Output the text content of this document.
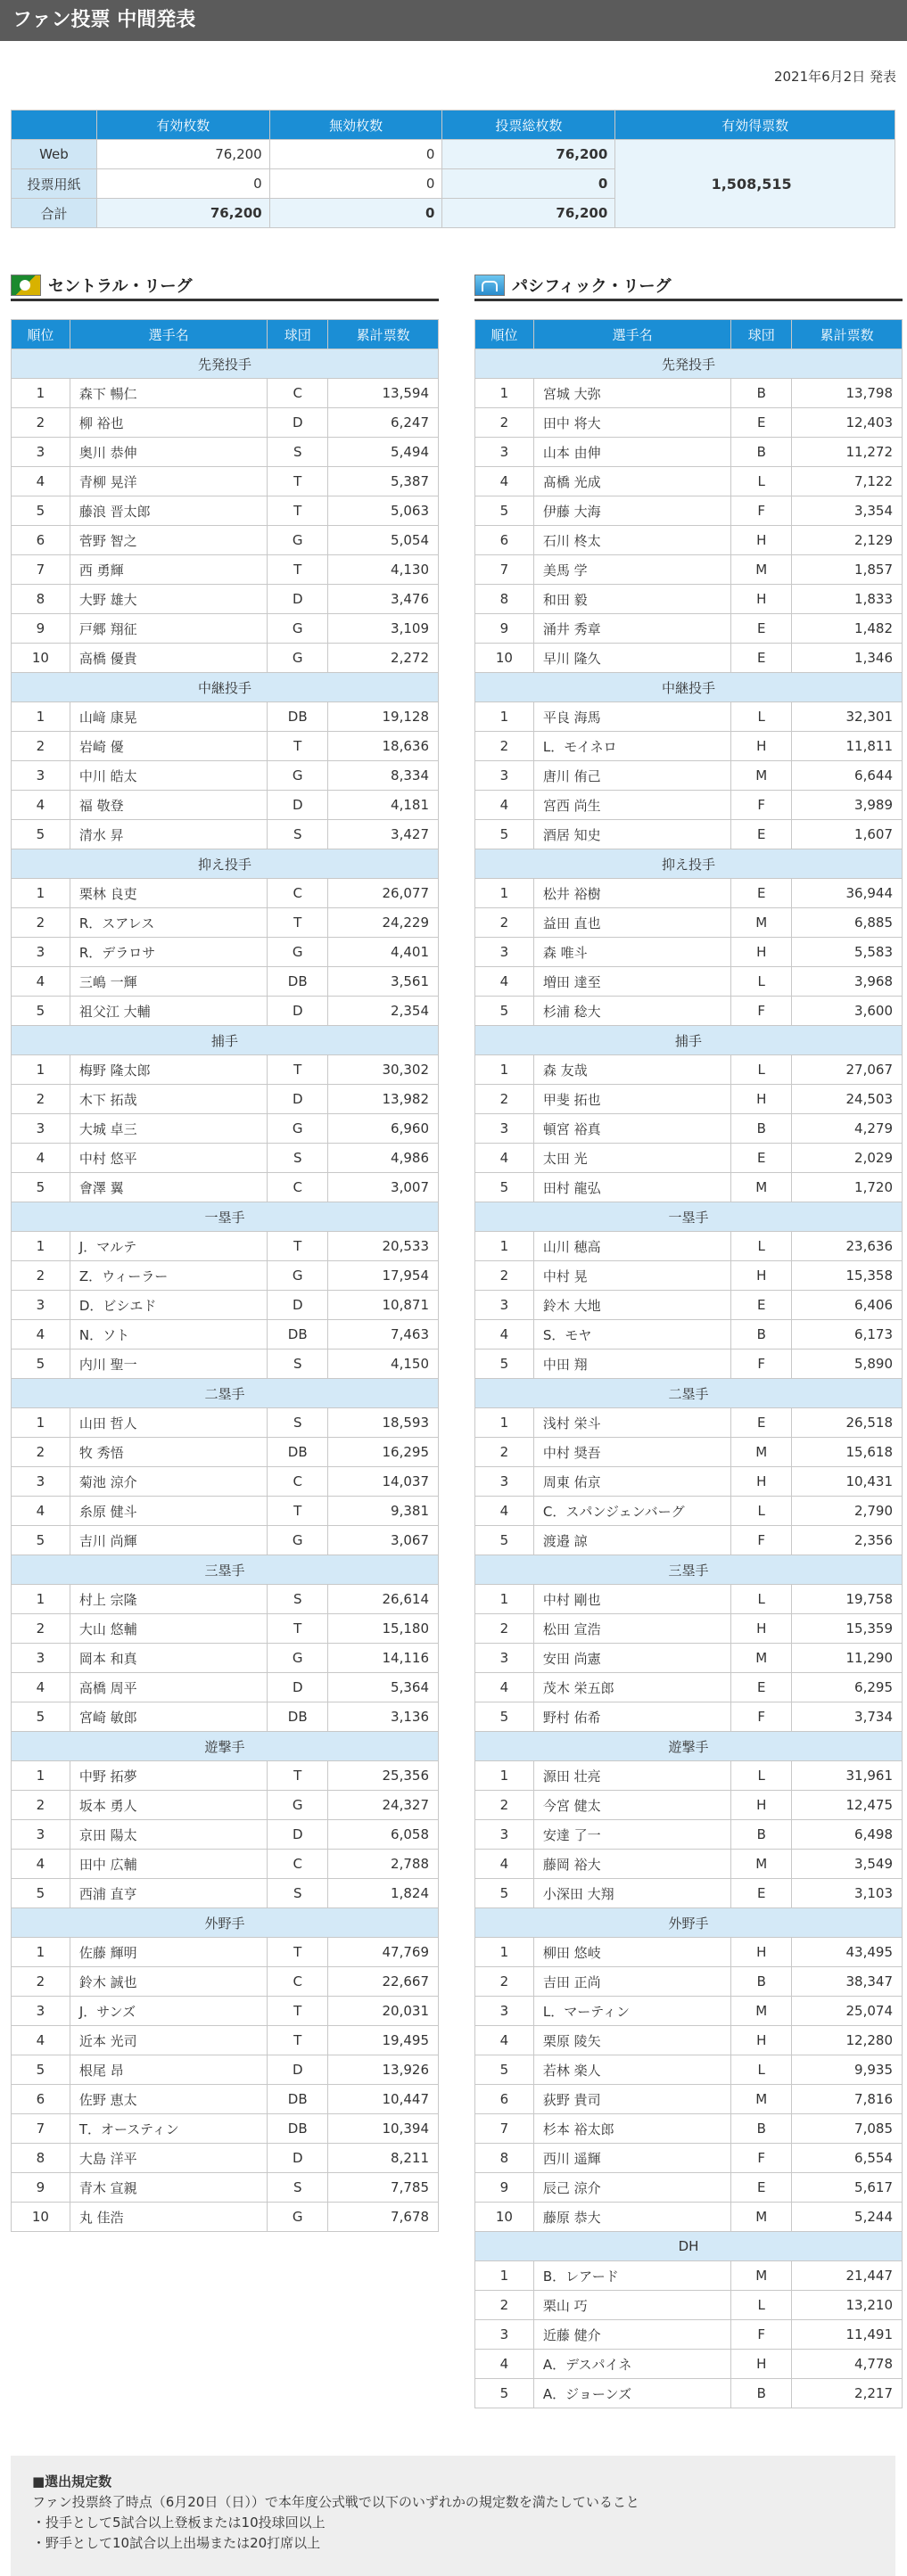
ファン投票 中間発表
2021年6月2日 発表
	有効枚数	無効枚数	投票総枚数	有効得票数
Web	76,200	0	76,200	1,508,515
投票用紙	0	0	0	
合計	76,200	0	76,200	
セントラル・リーグ
順位	選手名	球団	累計票数
先発投手			
1	森下 暢仁	C	13,594
2	柳 裕也	D	6,247
3	奥川 恭伸	S	5,494
4	青柳 晃洋	T	5,387
5	藤浪 晋太郎	T	5,063
6	菅野 智之	G	5,054
7	西 勇輝	T	4,130
8	大野 雄大	D	3,476
9	戸郷 翔征	G	3,109
10	高橋 優貴	G	2,272
中継投手			
1	山﨑 康晃	DB	19,128
2	岩崎 優	T	18,636
3	中川 皓太	G	8,334
4	福 敬登	D	4,181
5	清水 昇	S	3,427
抑え投手			
1	栗林 良吏	C	26,077
2	R．スアレス	T	24,229
3	R．デラロサ	G	4,401
4	三嶋 一輝	DB	3,561
5	祖父江 大輔	D	2,354
捕手			
1	梅野 隆太郎	T	30,302
2	木下 拓哉	D	13,982
3	大城 卓三	G	6,960
4	中村 悠平	S	4,986
5	會澤 翼	C	3,007
一塁手			
1	J．マルテ	T	20,533
2	Z．ウィーラー	G	17,954
3	D．ビシエド	D	10,871
4	N．ソト	DB	7,463
5	内川 聖一	S	4,150
二塁手			
1	山田 哲人	S	18,593
2	牧 秀悟	DB	16,295
3	菊池 涼介	C	14,037
4	糸原 健斗	T	9,381
5	吉川 尚輝	G	3,067
三塁手			
1	村上 宗隆	S	26,614
2	大山 悠輔	T	15,180
3	岡本 和真	G	14,116
4	高橋 周平	D	5,364
5	宮崎 敏郎	DB	3,136
遊撃手			
1	中野 拓夢	T	25,356
2	坂本 勇人	G	24,327
3	京田 陽太	D	6,058
4	田中 広輔	C	2,788
5	西浦 直亨	S	1,824
外野手			
1	佐藤 輝明	T	47,769
2	鈴木 誠也	C	22,667
3	J．サンズ	T	20,031
4	近本 光司	T	19,495
5	根尾 昂	D	13,926
6	佐野 恵太	DB	10,447
7	T．オースティン	DB	10,394
8	大島 洋平	D	8,211
9	青木 宣親	S	7,785
10	丸 佳浩	G	7,678
パシフィック・リーグ
順位	選手名	球団	累計票数
先発投手			
1	宮城 大弥	B	13,798
2	田中 将大	E	12,403
3	山本 由伸	B	11,272
4	髙橋 光成	L	7,122
5	伊藤 大海	F	3,354
6	石川 柊太	H	2,129
7	美馬 学	M	1,857
8	和田 毅	H	1,833
9	涌井 秀章	E	1,482
10	早川 隆久	E	1,346
中継投手			
1	平良 海馬	L	32,301
2	L．モイネロ	H	11,811
3	唐川 侑己	M	6,644
4	宮西 尚生	F	3,989
5	酒居 知史	E	1,607
抑え投手			
1	松井 裕樹	E	36,944
2	益田 直也	M	6,885
3	森 唯斗	H	5,583
4	増田 達至	L	3,968
5	杉浦 稔大	F	3,600
捕手			
1	森 友哉	L	27,067
2	甲斐 拓也	H	24,503
3	頓宮 裕真	B	4,279
4	太田 光	E	2,029
5	田村 龍弘	M	1,720
一塁手			
1	山川 穂高	L	23,636
2	中村 晃	H	15,358
3	鈴木 大地	E	6,406
4	S．モヤ	B	6,173
5	中田 翔	F	5,890
二塁手			
1	浅村 栄斗	E	26,518
2	中村 奨吾	M	15,618
3	周東 佑京	H	10,431
4	C．スパンジェンバーグ	L	2,790
5	渡邉 諒	F	2,356
三塁手			
1	中村 剛也	L	19,758
2	松田 宣浩	H	15,359
3	安田 尚憲	M	11,290
4	茂木 栄五郎	E	6,295
5	野村 佑希	F	3,734
遊撃手			
1	源田 壮亮	L	31,961
2	今宮 健太	H	12,475
3	安達 了一	B	6,498
4	藤岡 裕大	M	3,549
5	小深田 大翔	E	3,103
外野手			
1	柳田 悠岐	H	43,495
2	吉田 正尚	B	38,347
3	L．マーティン	M	25,074
4	栗原 陵矢	H	12,280
5	若林 楽人	L	9,935
6	荻野 貴司	M	7,816
7	杉本 裕太郎	B	7,085
8	西川 遥輝	F	6,554
9	辰己 涼介	E	5,617
10	藤原 恭大	M	5,244
DH			
1	B．レアード	M	21,447
2	栗山 巧	L	13,210
3	近藤 健介	F	11,491
4	A．デスパイネ	H	4,778
5	A．ジョーンズ	B	2,217
■選出規定数
ファン投票終了時点（6月20日（日））で本年度公式戦で以下のいずれかの規定数を満たしていること
・投手として5試合以上登板または10投球回以上
・野手として10試合以上出場または20打席以上
